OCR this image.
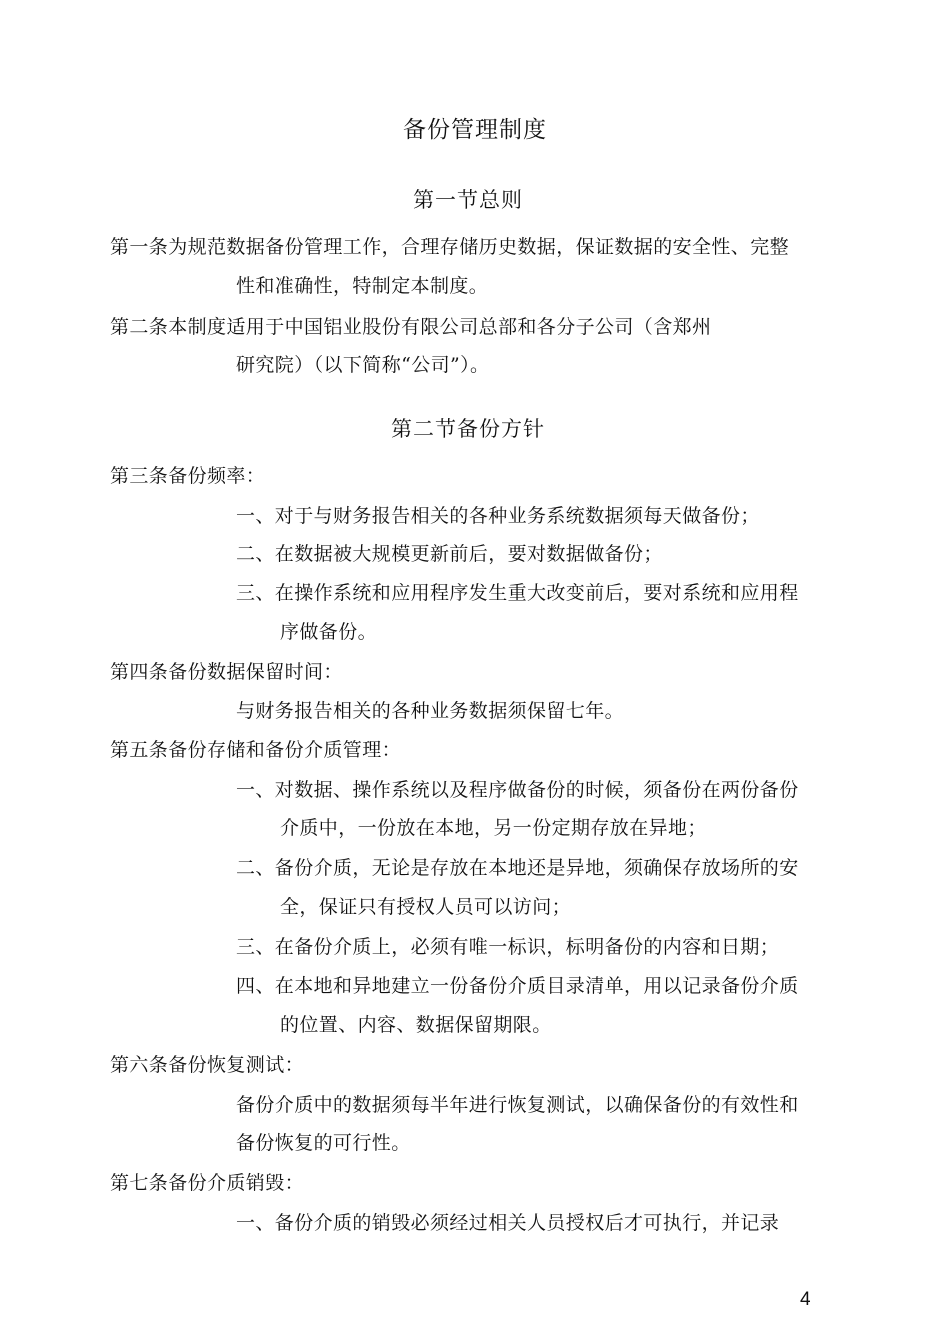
备份管理制度
第一节总则

第一条为规范数据备份管理工作，合理存储历史数据，保证数据的安全性、完整

性和准确性，特制定本制度。

第二条本制度适用于中国铝业股份有限公司总部和各分子公司（含郑州

研究院）（以下简称“公司”）。

第二节备份方针

第三条备份频率：

一、对于与财务报告相关的各种业务系统数据须每天做备份；

二、在数据被大规模更新前后，要对数据做备份；

三、在操作系统和应用程序发生重大改变前后，要对系统和应用程

序做备份。

第四条备份数据保留时间：

与财务报告相关的各种业务数据须保留七年。

第五条备份存储和备份介质管理：

一、对数据、操作系统以及程序做备份的时候，须备份在两份备份

介质中，一份放在本地，另一份定期存放在异地；

二、备份介质，无论是存放在本地还是异地，须确保存放场所的安

全，保证只有授权人员可以访问；

三、在备份介质上，必须有唯一标识，标明备份的内容和日期；

四、在本地和异地建立一份备份介质目录清单，用以记录备份介质

的位置、内容、数据保留期限。

第六条备份恢复测试：

备份介质中的数据须每半年进行恢复测试，以确保备份的有效性和

备份恢复的可行性。

第七条备份介质销毁：

一、备份介质的销毁必须经过相关人员授权后才可执行，并记录

4
